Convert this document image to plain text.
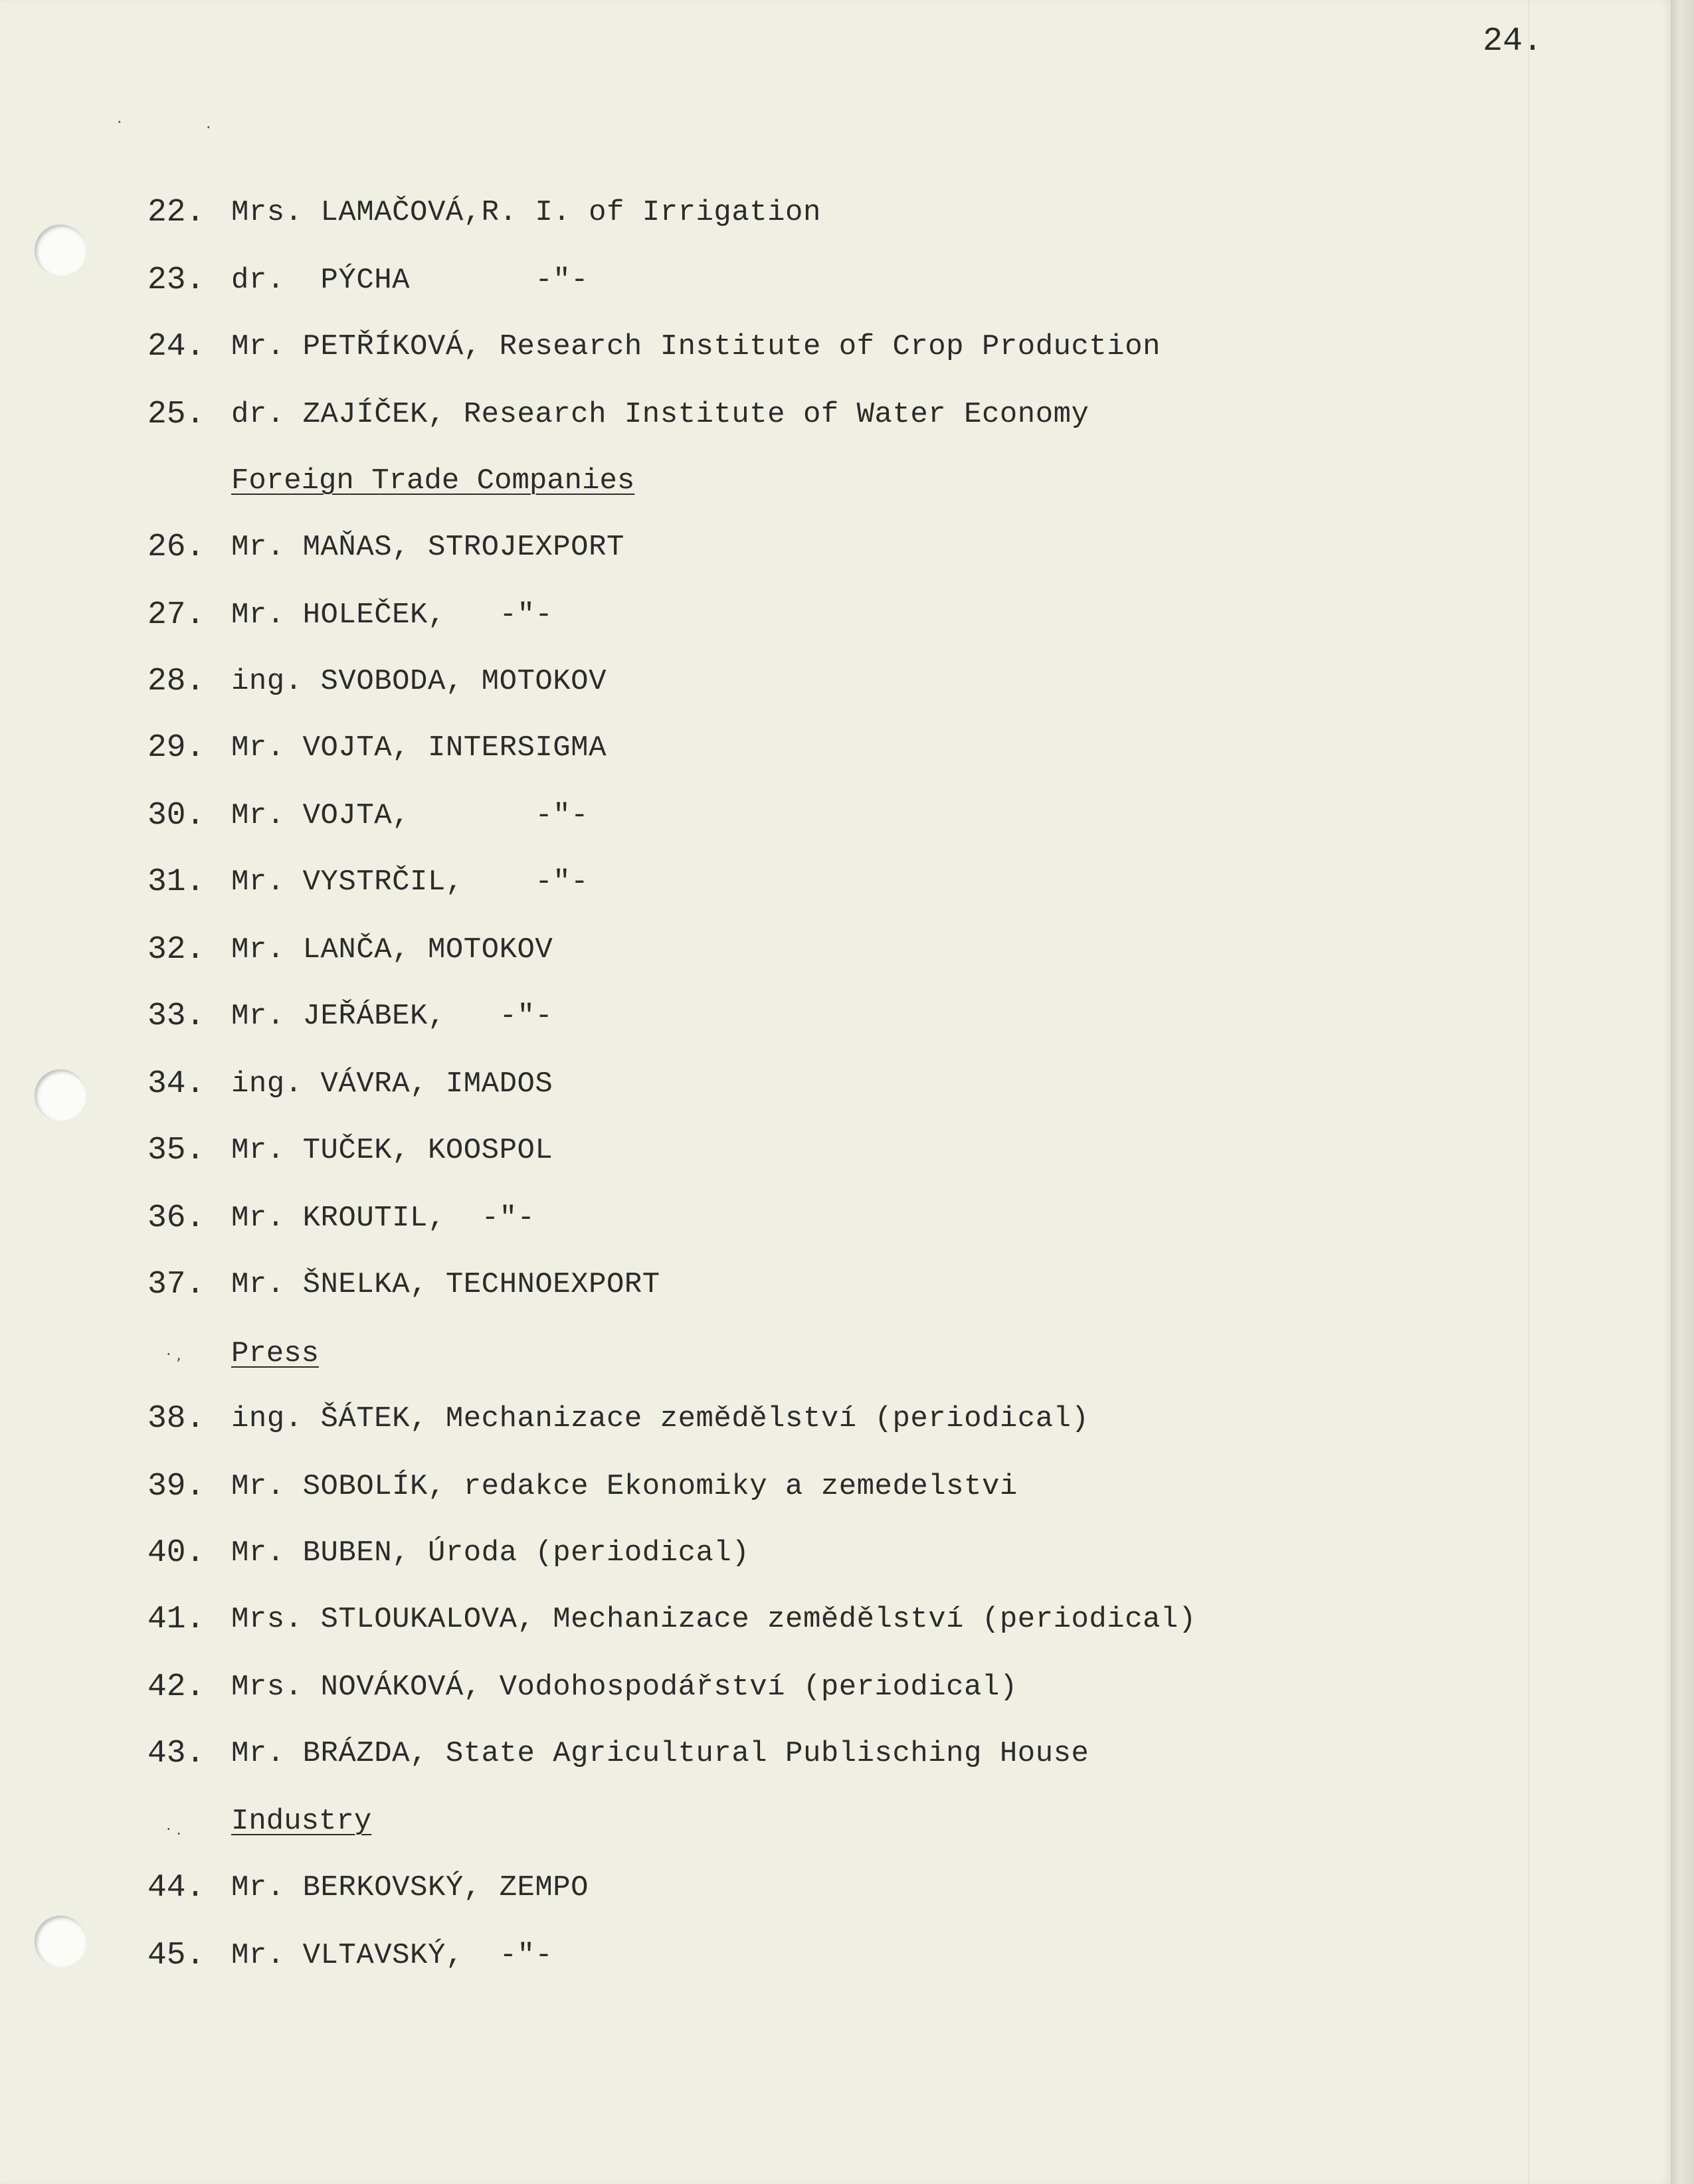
24.
·	·
· ,
· .

22.

Mrs. LAMAČOVÁ,R. I. of Irrigation

23.

dr.  PÝCHA       -"-

24.

Mr. PETŘÍKOVÁ, Research Institute of Crop Production

25.

dr. ZAJÍČEK, Research Institute of Water Economy

Foreign Trade Companies

26.

Mr. MAŇAS, STROJEXPORT

27.

Mr. HOLEČEK,   -"-

28.

ing. SVOBODA, MOTOKOV

29.

Mr. VOJTA, INTERSIGMA

30.

Mr. VOJTA,       -"-

31.

Mr. VYSTRČIL,    -"-

32.

Mr. LANČA, MOTOKOV

33.

Mr. JEŘÁBEK,   -"-

34.

ing. VÁVRA, IMADOS

35.

Mr. TUČEK, KOOSPOL

36.

Mr. KROUTIL,  -"-

37.

Mr. ŠNELKA, TECHNOEXPORT

Press

38.

ing. ŠÁTEK, Mechanizace zemědělství (periodical)

39.

Mr. SOBOLÍK, redakce Ekonomiky a zemedelstvi

40.

Mr. BUBEN, Úroda (periodical)

41.

Mrs. STLOUKALOVA, Mechanizace zemědělství (periodical)

42.

Mrs. NOVÁKOVÁ, Vodohospodářství (periodical)

43.

Mr. BRÁZDA, State Agricultural Publisching House

Industry

44.

Mr. BERKOVSKÝ, ZEMPO

45.

Mr. VLTAVSKÝ,  -"-
